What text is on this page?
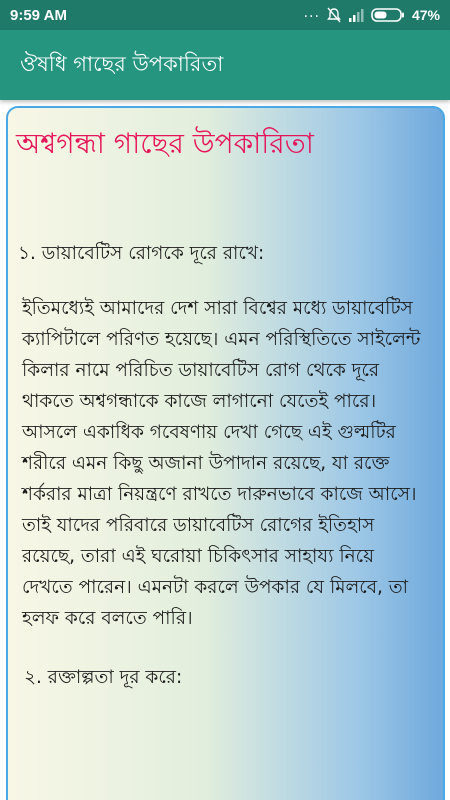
9:59 AM	...	47%
ঔষধি গাছের উপকারিতা
অশ্বগন্ধা গাছের উপকারিতা

১. ডায়াবেটিস রোগকে দূরে রাখে:

ইতিমধ্যেই আমাদের দেশ সারা বিশ্বের মধ্যে ডায়াবেটিস ক্যাপিটালে পরিণত হয়েছে। এমন পরিস্থিতিতে সাইলেন্ট কিলার নামে পরিচিত ডায়াবেটিস রোগ থেকে দূরে থাকতে অশ্বগন্ধাকে কাজে লাগানো যেতেই পারে। আসলে একাধিক গবেষণায় দেখা গেছে এই গুল্মটির শরীরে এমন কিছু অজানা উপাদান রয়েছে, যা রক্তে শর্করার মাত্রা নিয়ন্ত্রণে রাখতে দারুনভাবে কাজে আসে। তাই যাদের পরিবারে ডায়াবেটিস রোগের ইতিহাস রয়েছে, তারা এই ঘরোয়া চিকিৎসার সাহায্য নিয়ে দেখতে পারেন। এমনটা করলে উপকার যে মিলবে, তা হলফ করে বলতে পারি।

২. রক্তাল্পতা দূর করে:
